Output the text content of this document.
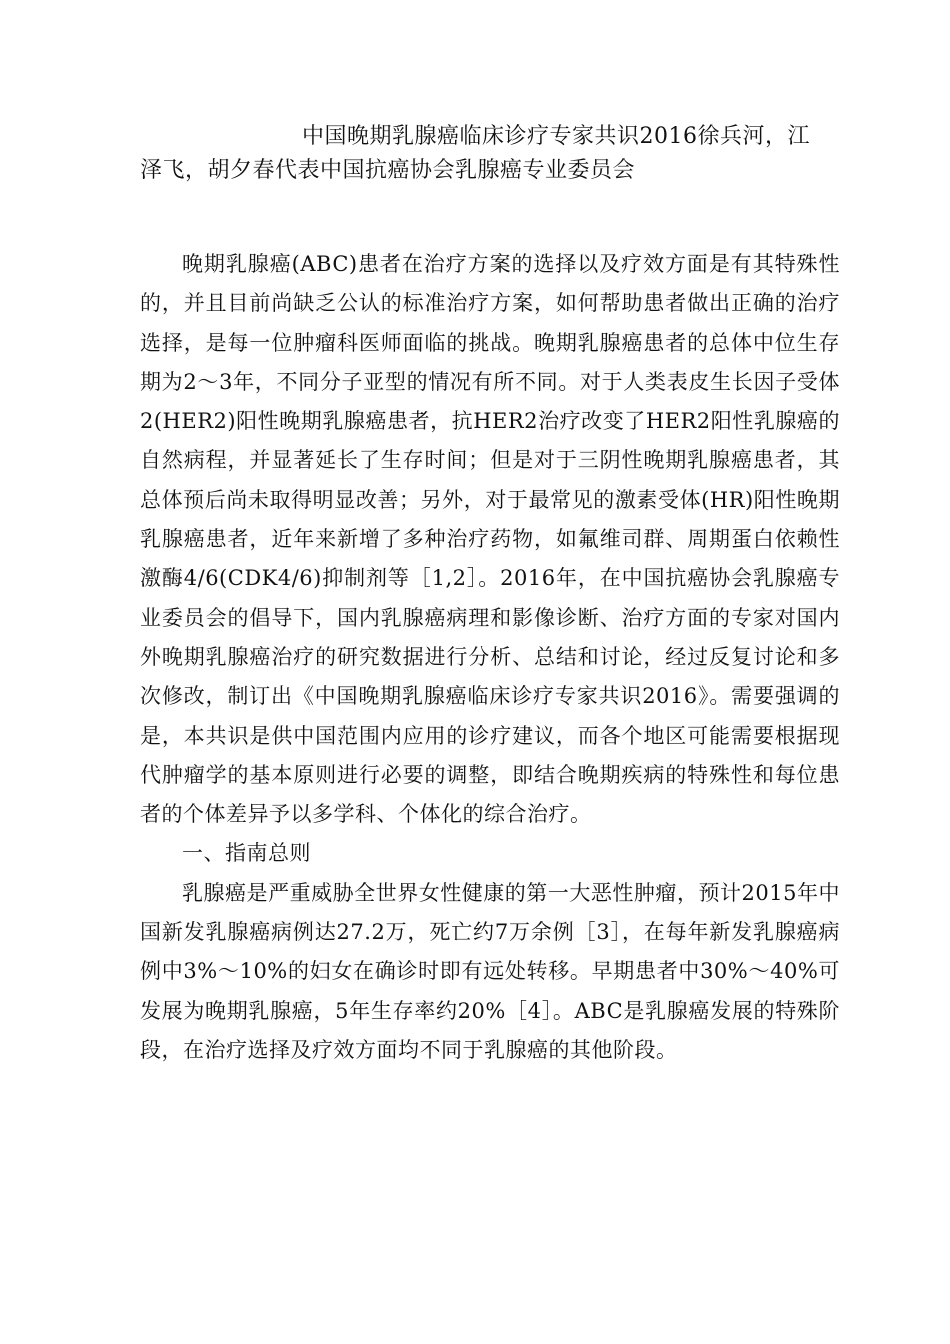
中国晚期乳腺癌临床诊疗专家共识2016徐兵河，江泽飞，胡夕春代表中国抗癌协会乳腺癌专业委员会

晚期乳腺癌(ABC)患者在治疗方案的选择以及疗效方面是有其特殊性的，并且目前尚缺乏公认的标准治疗方案，如何帮助患者做出正确的治疗选择，是每一位肿瘤科医师面临的挑战。晚期乳腺癌患者的总体中位生存期为2～3年，不同分子亚型的情况有所不同。对于人类表皮生长因子受体2(HER2)阳性晚期乳腺癌患者，抗HER2治疗改变了HER2阳性乳腺癌的自然病程，并显著延长了生存时间；但是对于三阴性晚期乳腺癌患者，其总体预后尚未取得明显改善；另外，对于最常见的激素受体(HR)阳性晚期乳腺癌患者，近年来新增了多种治疗药物，如氟维司群、周期蛋白依赖性激酶4/6(CDK4/6)抑制剂等［1,2］。2016年，在中国抗癌协会乳腺癌专业委员会的倡导下，国内乳腺癌病理和影像诊断、治疗方面的专家对国内外晚期乳腺癌治疗的研究数据进行分析、总结和讨论，经过反复讨论和多次修改，制订出《中国晚期乳腺癌临床诊疗专家共识2016》。需要强调的是，本共识是供中国范围内应用的诊疗建议，而各个地区可能需要根据现代肿瘤学的基本原则进行必要的调整，即结合晚期疾病的特殊性和每位患者的个体差异予以多学科、个体化的综合治疗。

一、指南总则

乳腺癌是严重威胁全世界女性健康的第一大恶性肿瘤，预计2015年中国新发乳腺癌病例达27.2万，死亡约7万余例［3］，在每年新发乳腺癌病例中3%～10%的妇女在确诊时即有远处转移。早期患者中30%～40%可发展为晚期乳腺癌，5年生存率约20%［4］。ABC是乳腺癌发展的特殊阶段，在治疗选择及疗效方面均不同于乳腺癌的其他阶段。
